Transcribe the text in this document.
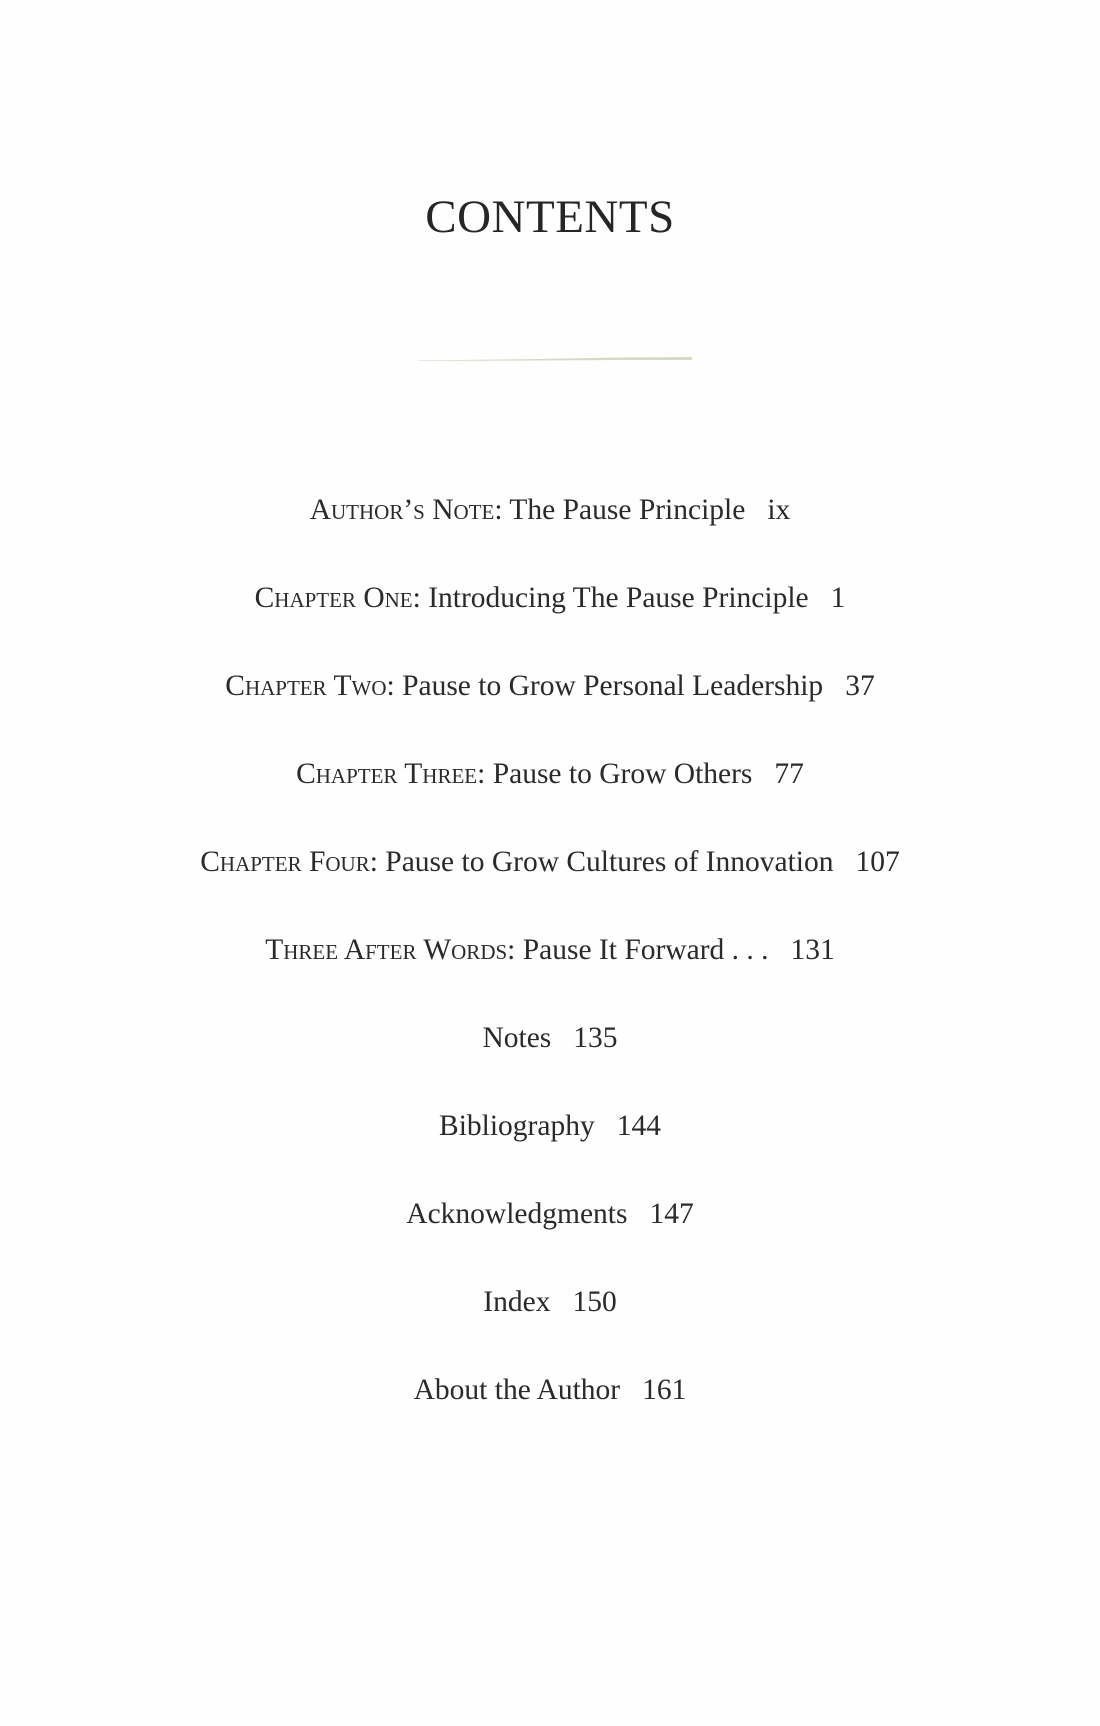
CONTENTS
Author’s Note: The Pause Principle ix
Chapter One: Introducing The Pause Principle 1
Chapter Two: Pause to Grow Personal Leadership 37
Chapter Three: Pause to Grow Others 77
Chapter Four: Pause to Grow Cultures of Innovation 107
Three After Words: Pause It Forward . . . 131
Notes 135
Bibliography 144
Acknowledgments 147
Index 150
About the Author 161
